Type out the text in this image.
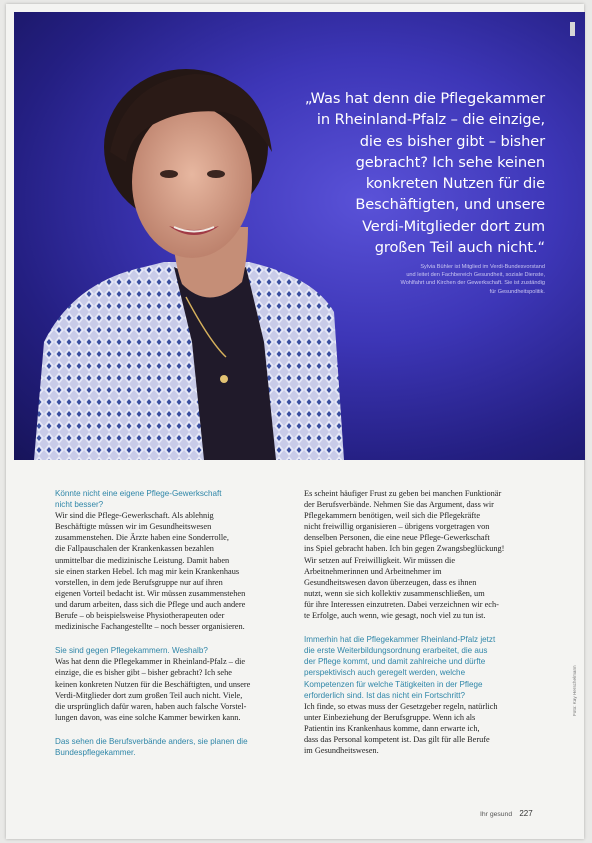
„Was hat denn die Pflegekammer
in Rheinland-Pfalz – die einzige,
die es bisher gibt – bisher
gebracht? Ich sehe keinen
konkreten Nutzen für die
Beschäftigten, und unsere
Verdi-Mitglieder dort zum
großen Teil auch nicht.“
Sylvia Bühler ist Mitglied im Verdi-Bundesvorstand
und leitet den Fachbereich Gesundheit, soziale Dienste,
Wohlfahrt und Kirchen der Gewerkschaft. Sie ist zuständig
für Gesundheitspolitik.
Könnte nicht eine eigene Pflege-Gewerkschaft
nicht besser?
Wir sind die Pflege-Gewerkschaft. Als ablehnig
Beschäftigte müssen wir im Gesundheitswesen
zusammenstehen. Die Ärzte haben eine Sonderrolle,
die Fallpauschalen der Krankenkassen bezahlen
unmittelbar die medizinische Leistung. Damit haben
sie einen starken Hebel. Ich mag mir kein Krankenhaus
vorstellen, in dem jede Berufsgruppe nur auf ihren
eigenen Vorteil bedacht ist. Wir müssen zusammenstehen
und darum arbeiten, dass sich die Pflege und auch andere
Berufe – ob beispielsweise Physiotherapeuten oder
medizinische Fachangestellte – noch besser organisieren.
Sie sind gegen Pflegekammern. Weshalb?
Was hat denn die Pflegekammer in Rheinland-Pfalz – die
einzige, die es bisher gibt – bisher gebracht? Ich sehe
keinen konkreten Nutzen für die Beschäftigten, und unsere
Verdi-Mitglieder dort zum großen Teil auch nicht. Viele,
die ursprünglich dafür waren, haben auch falsche Vorstel-
lungen davon, was eine solche Kammer bewirken kann.
Das sehen die Berufsverbände anders, sie planen die
Bundespflegekammer.
Es scheint häufiger Frust zu geben bei manchen Funktionär
der Berufsverbände. Nehmen Sie das Argument, dass wir
Pflegekammern benötigen, weil sich die Pflegekräfte
nicht freiwillig organisieren – übrigens vorgetragen von
denselben Personen, die eine neue Pflege-Gewerkschaft
ins Spiel gebracht haben. Ich bin gegen Zwangsbeglückung!
Wir setzen auf Freiwilligkeit. Wir müssen die
Arbeitnehmerinnen und Arbeitnehmer im
Gesundheitswesen davon überzeugen, dass es ihnen
nutzt, wenn sie sich kollektiv zusammenschließen, um
für ihre Interessen einzutreten. Dabei verzeichnen wir ech-
te Erfolge, auch wenn, wie gesagt, noch viel zu tun ist.
Immerhin hat die Pflegekammer Rheinland-Pfalz jetzt
die erste Weiterbildungsordnung erarbeitet, die aus
der Pflege kommt, und damit zahlreiche und dürfte
perspektivisch auch geregelt werden, welche
Kompetenzen für welche Tätigkeiten in der Pflege
erforderlich sind. Ist das nicht ein Fortschritt?
Ich finde, so etwas muss der Gesetzgeber regeln, natürlich
unter Einbeziehung der Berufsgruppe. Wenn ich als
Patientin ins Krankenhaus komme, dann erwarte ich,
dass das Personal kompetent ist. Das gilt für alle Berufe
im Gesundheitswesen.
Foto: Kay Herschelmann
Ihr gesund 227
